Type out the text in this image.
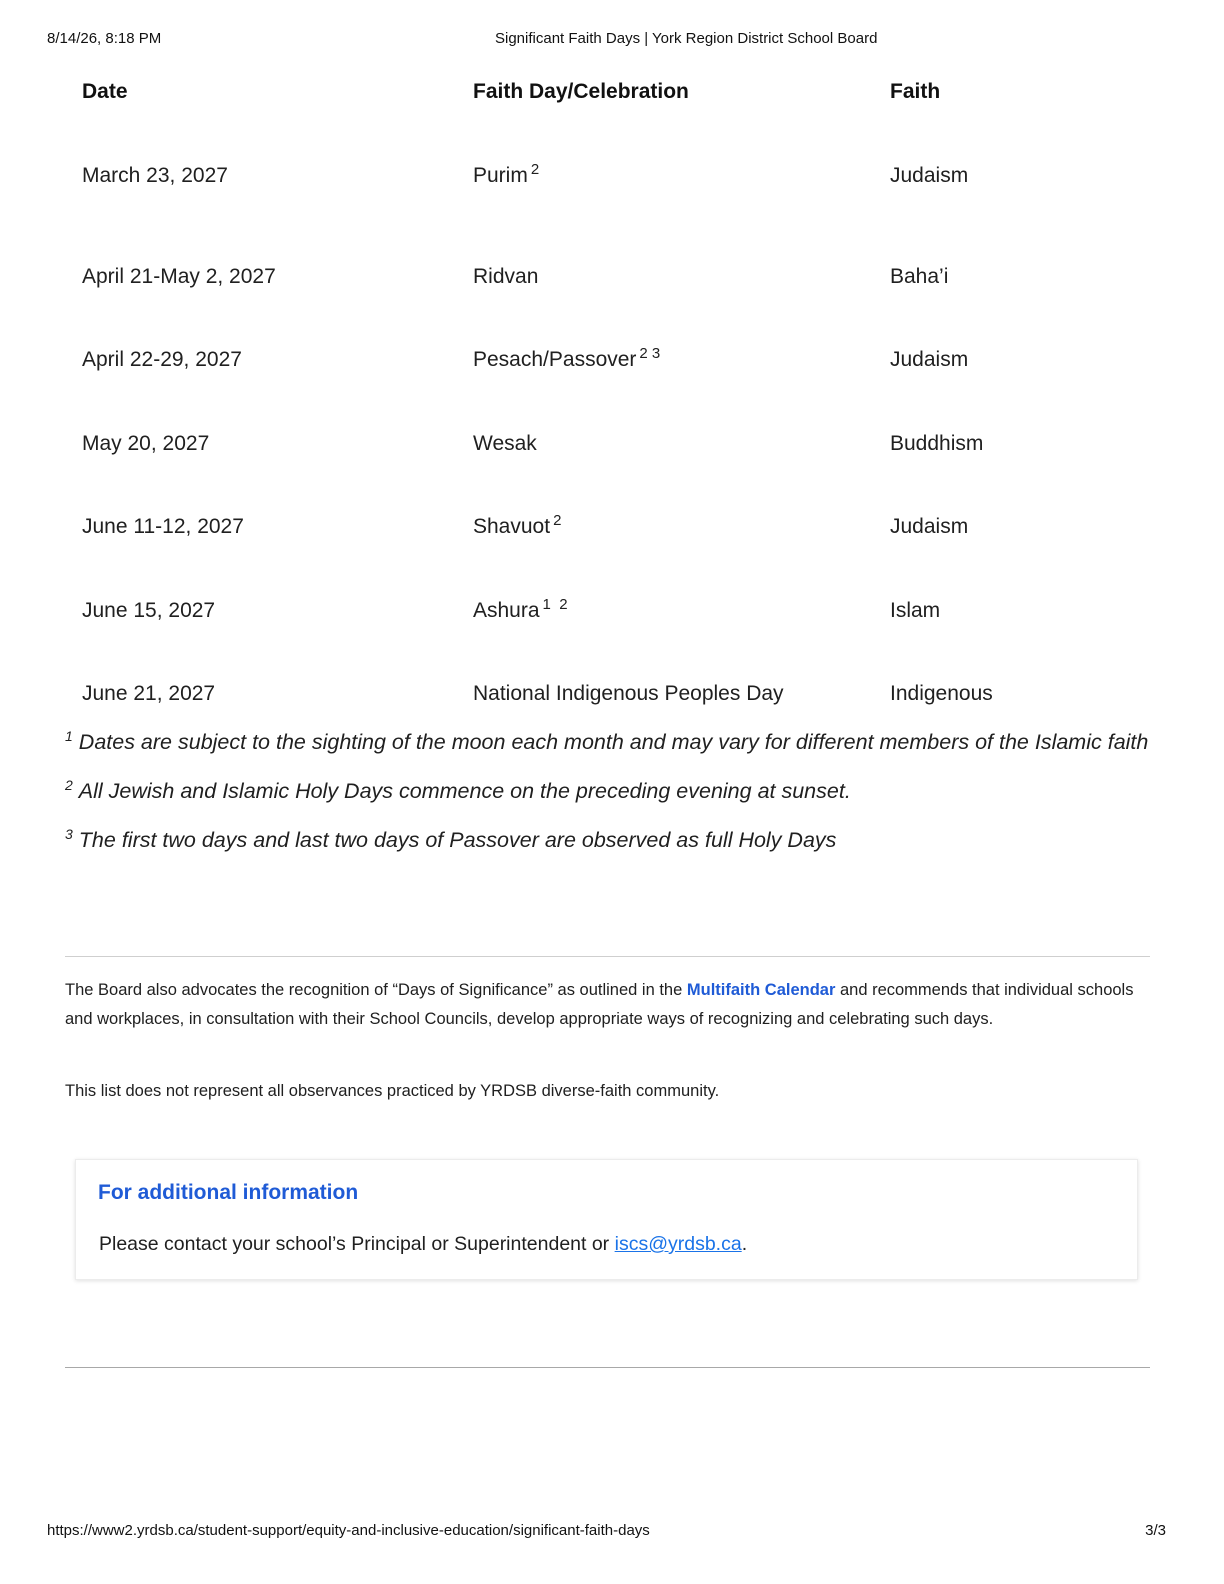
8/14/26, 8:18 PM	Significant Faith Days | York Region District School Board
Date	Faith Day/Celebration	Faith
March 23, 2027	Purim $^2$	Judaism
April 21-May 2, 2027	Ridvan	Baha’i
April 22-29, 2027	Pesach/Passover $^{2 3}$	Judaism
May 20, 2027	Wesak	Buddhism
June 11-12, 2027	Shavuot $^2$	Judaism
June 15, 2027	Ashura $^{1 2}$	Islam
June 21, 2027	National Indigenous Peoples Day	Indigenous
$^1$ Dates are subject to the sighting of the moon each month and may vary for different members of the Islamic faith
$^2$ All Jewish and Islamic Holy Days commence on the preceding evening at sunset.
$^3$ The first two days and last two days of Passover are observed as full Holy Days

The Board also advocates the recognition of “Days of Significance” as outlined in the Multifaith Calendar and recommends that individual schools and workplaces, in consultation with their School Councils, develop appropriate ways of recognizing and celebrating such days.

This list does not represent all observances practiced by YRDSB diverse-faith community.
For additional information
Please contact your school’s Principal or Superintendent or iscs@yrdsb.ca.
https://www2.yrdsb.ca/student-support/equity-and-inclusive-education/significant-faith-days	3/3
